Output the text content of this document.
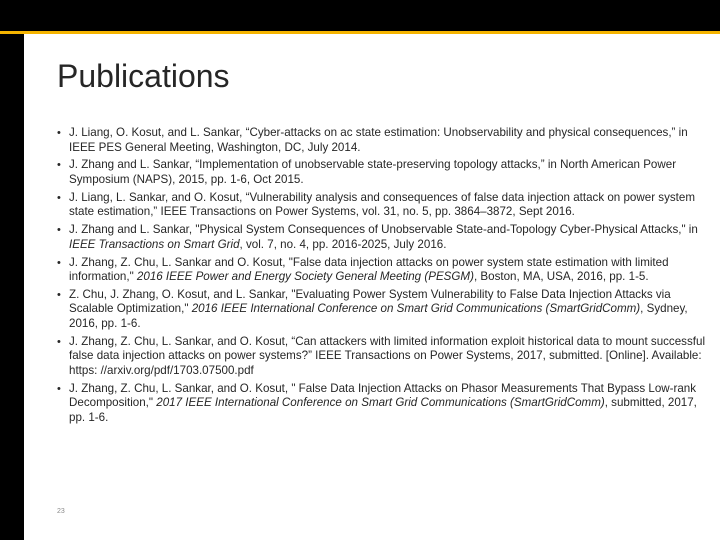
Publications
• J. Liang, O. Kosut, and L. Sankar, “Cyber-attacks on ac state estimation: Unobservability and physical consequences,” in IEEE PES General Meeting, Washington, DC, July 2014.
• J. Zhang and L. Sankar, “Implementation of unobservable state-preserving topology attacks,” in North American Power Symposium (NAPS), 2015, pp. 1-6, Oct 2015.
• J. Liang, L. Sankar, and O. Kosut, “Vulnerability analysis and consequences of false data injection attack on power system state estimation,” IEEE Transactions on Power Systems, vol. 31, no. 5, pp. 3864–3872, Sept 2016.
• J. Zhang and L. Sankar, "Physical System Consequences of Unobservable State-and-Topology Cyber-Physical Attacks," in IEEE Transactions on Smart Grid, vol. 7, no. 4, pp. 2016-2025, July 2016.
• J. Zhang, Z. Chu, L. Sankar and O. Kosut, "False data injection attacks on power system state estimation with limited information," 2016 IEEE Power and Energy Society General Meeting (PESGM), Boston, MA, USA, 2016, pp. 1-5.
• Z. Chu, J. Zhang, O. Kosut, and L. Sankar, "Evaluating Power System Vulnerability to False Data Injection Attacks via Scalable Optimization," 2016 IEEE International Conference on Smart Grid Communications (SmartGridComm), Sydney, 2016, pp. 1-6.
• J. Zhang, Z. Chu, L. Sankar, and O. Kosut, “Can attackers with limited information exploit historical data to mount successful false data injection attacks on power systems?” IEEE Transactions on Power Systems, 2017, submitted. [Online]. Available: https: //arxiv.org/pdf/1703.07500.pdf
• J. Zhang, Z. Chu, L. Sankar, and O. Kosut, " False Data Injection Attacks on Phasor Measurements That Bypass Low-rank Decomposition," 2017 IEEE International Conference on Smart Grid Communications (SmartGridComm), submitted, 2017, pp. 1-6.
23
